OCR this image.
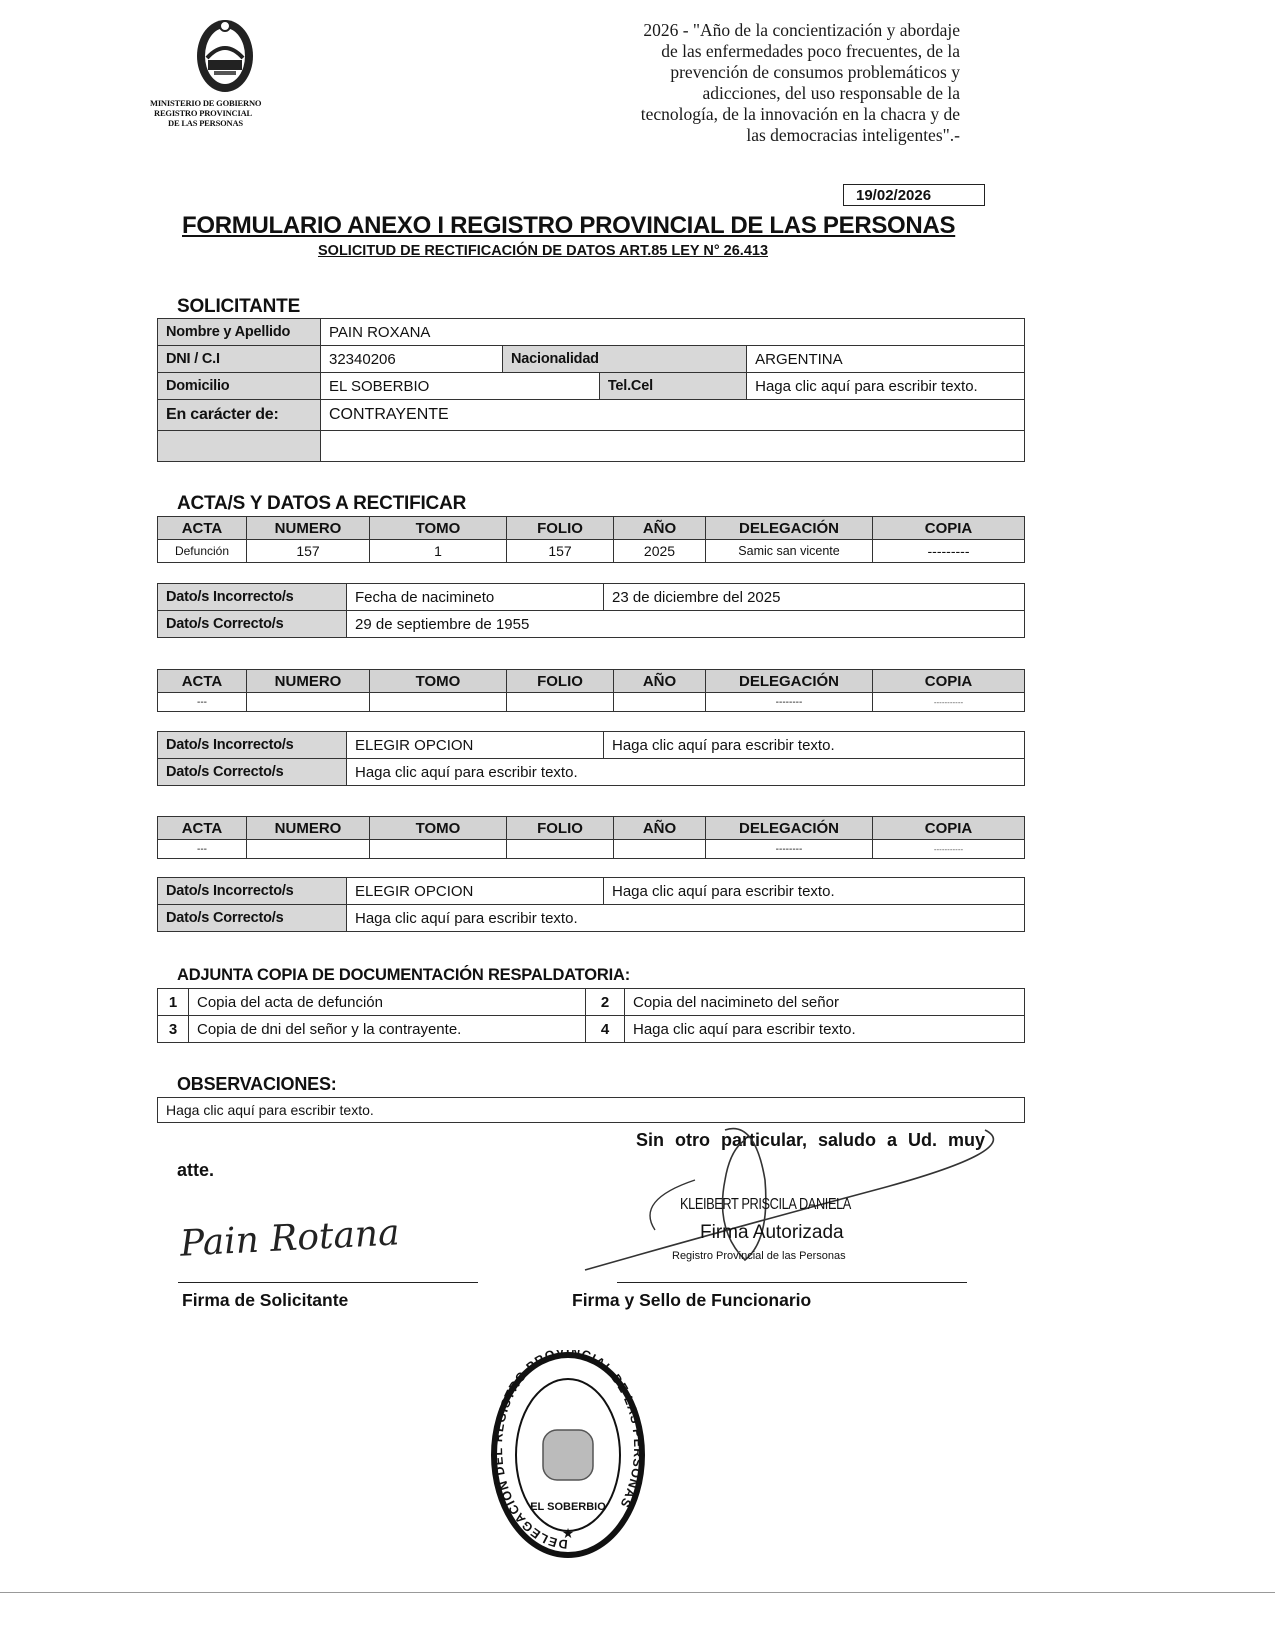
MINISTERIO DE GOBIERNO
REGISTRO PROVINCIAL
DE LAS PERSONAS
2026 - "Año de la concientización y abordaje
de las enfermedades poco frecuentes, de la
prevención de consumos problemáticos y
adicciones, del uso responsable de la
tecnología, de la innovación en la chacra y de
las democracias inteligentes".-
19/02/2026
FORMULARIO ANEXO I REGISTRO PROVINCIAL DE LAS PERSONAS
SOLICITUD DE RECTIFICACIÓN DE DATOS ART.85 LEY N° 26.413
SOLICITANTE
Nombre y Apellido	PAIN ROXANA			
DNI / C.I	32340206	Nacionalidad		ARGENTINA
Domicilio	EL SOBERBIO		Tel.Cel	Haga clic aquí para escribir texto.
En carácter de:	CONTRAYENTE			

ACTA/S Y DATOS A RECTIFICAR
ACTA	NUMERO	TOMO	FOLIO	AÑO	DELEGACIÓN	COPIA
Defunción	157	1	157	2025	Samic san vicente	---------
Dato/s Incorrecto/s	Fecha de nacimineto	23 de diciembre del 2025
Dato/s Correcto/s	29 de septiembre de 1955	
ACTA	NUMERO	TOMO	FOLIO	AÑO	DELEGACIÓN	COPIA
---					--------	-----------
Dato/s Incorrecto/s	ELEGIR OPCION	Haga clic aquí para escribir texto.
Dato/s Correcto/s	Haga clic aquí para escribir texto.	
ACTA	NUMERO	TOMO	FOLIO	AÑO	DELEGACIÓN	COPIA
---					--------	-----------
Dato/s Incorrecto/s	ELEGIR OPCION	Haga clic aquí para escribir texto.
Dato/s Correcto/s	Haga clic aquí para escribir texto.	
ADJUNTA COPIA DE DOCUMENTACIÓN RESPALDATORIA:
1	Copia del acta de defunción	2	Copia del nacimineto del señor
3	Copia de dni del señor y la contrayente.	4	Haga clic aquí para escribir texto.
OBSERVACIONES:
Haga clic aquí para escribir texto.
Sin otro particular, saludo a Ud. muy
atte.
Pain Rotana
Firma de Solicitante
KLEIBERT PRISCILA DANIELA
Firma Autorizada
Registro Provincial de las Personas
Firma y Sello de Funcionario
DELEGACION DEL REGISTRO PROVINCIAL DE LAS PERSONAS
EL SOBERBIO
★
